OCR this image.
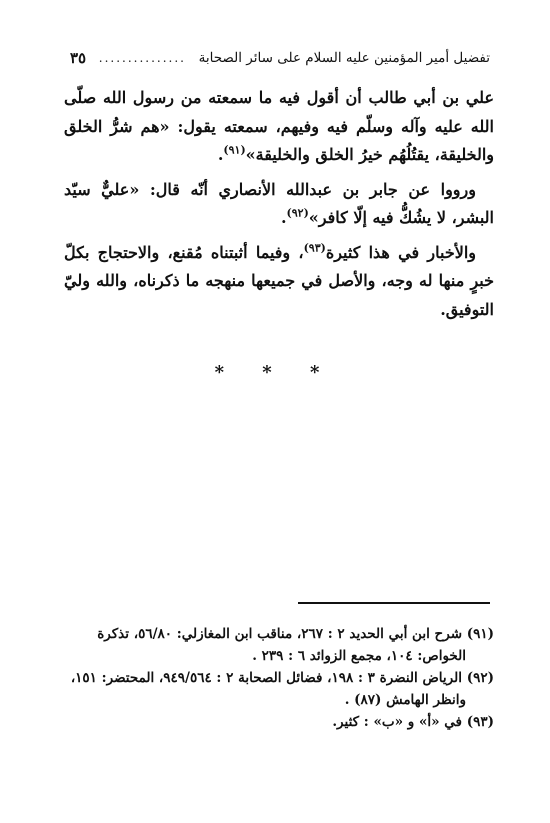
تفضيل أمير المؤمنين عليه السلام على سائر الصحابة
...............
٣٥

علي بن أبي طالب أن أقول فيه ما سمعته من رسول الله صلّى الله عليه وآله وسلّم فيه وفيهم، سمعته يقول: «هم شرُّ الخلق والخليقة، يقتُلُهُم خيرُ الخلق والخليقة»$^{(٩١)}$.

ورووا عن جابر بن عبدالله الأنصاري أنّه قال: «عليٌّ سيّد البشر، لا يشُكُّ فيه إلّا كافر»$^{(٩٢)}$.

والأخبار في هذا كثيرة$^{(٩٣)}$، وفيما أثبتناه مُقنع، والاحتجاج بكلّ خبرٍ منها له وجه، والأصل في جميعها منهجه ما ذكرناه، والله وليّ التوفيق.

* * *
(٩١) شرح ابن أبي الحديد ٢ : ٢٦٧، مناقب ابن المغازلي: ٥٦/٨٠، تذكرة الخواص: ١٠٤، مجمع الزوائد ٦ : ٢٣٩ .
(٩٢) الرياض النضرة ٣ : ١٩٨، فضائل الصحابة ٢ : ٩٤٩/٥٦٤، المحتضر: ١٥١، وانظر الهامش (٨٧) .
(٩٣) في «أ» و «ب» : كثير.
